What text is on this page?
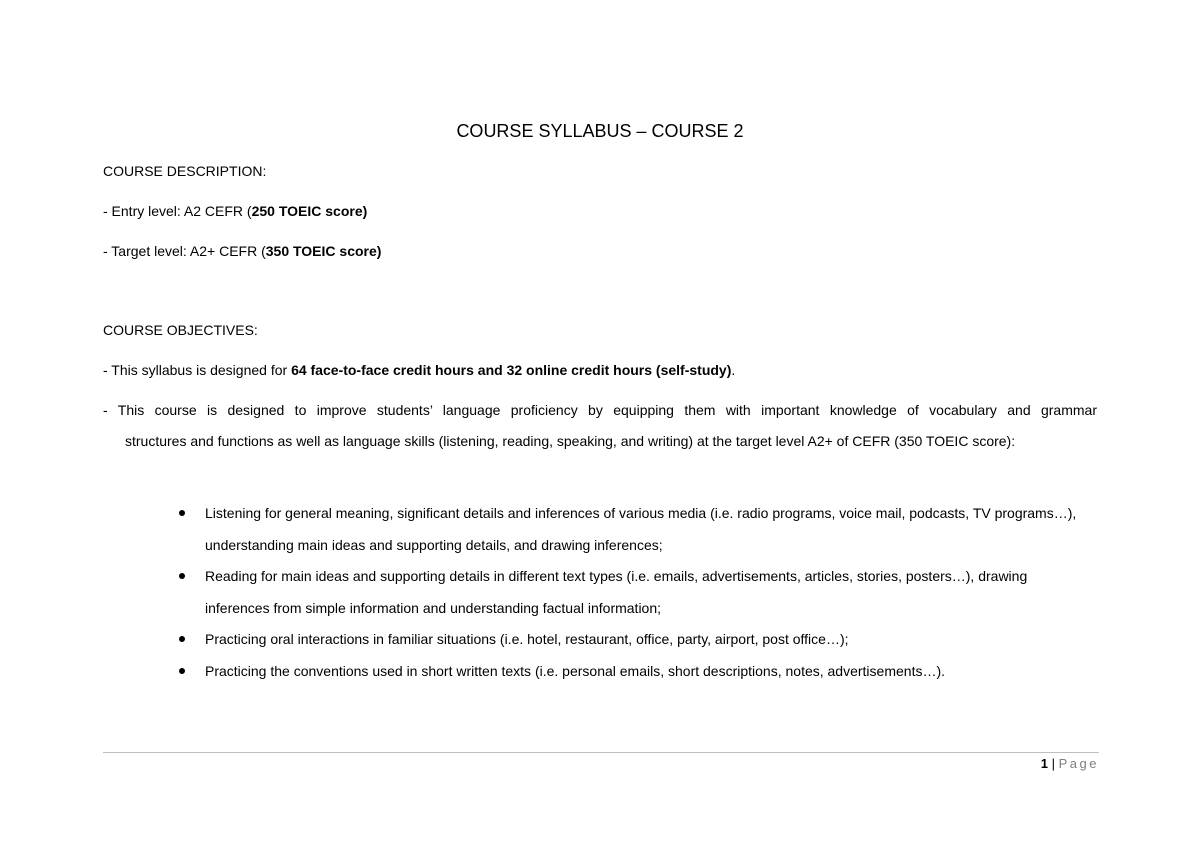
COURSE SYLLABUS – COURSE 2
COURSE DESCRIPTION:
- Entry level: A2 CEFR (250 TOEIC score)
- Target level: A2+ CEFR (350 TOEIC score)
COURSE OBJECTIVES:
- This syllabus is designed for 64 face-to-face credit hours and 32 online credit hours (self-study).
- This course is designed to improve students’ language proficiency by equipping them with important knowledge of vocabulary and grammar
structures and functions as well as language skills (listening, reading, speaking, and writing) at the target level A2+ of CEFR (350 TOEIC score):
Listening for general meaning, significant details and inferences of various media (i.e. radio programs, voice mail, podcasts, TV programs…), understanding main ideas and supporting details, and drawing inferences;
Reading for main ideas and supporting details in different text types (i.e. emails, advertisements, articles, stories, posters…), drawing inferences from simple information and understanding factual information;
Practicing oral interactions in familiar situations (i.e. hotel, restaurant, office, party, airport, post office…);
Practicing the conventions used in short written texts (i.e. personal emails, short descriptions, notes, advertisements…).
1 | Page
